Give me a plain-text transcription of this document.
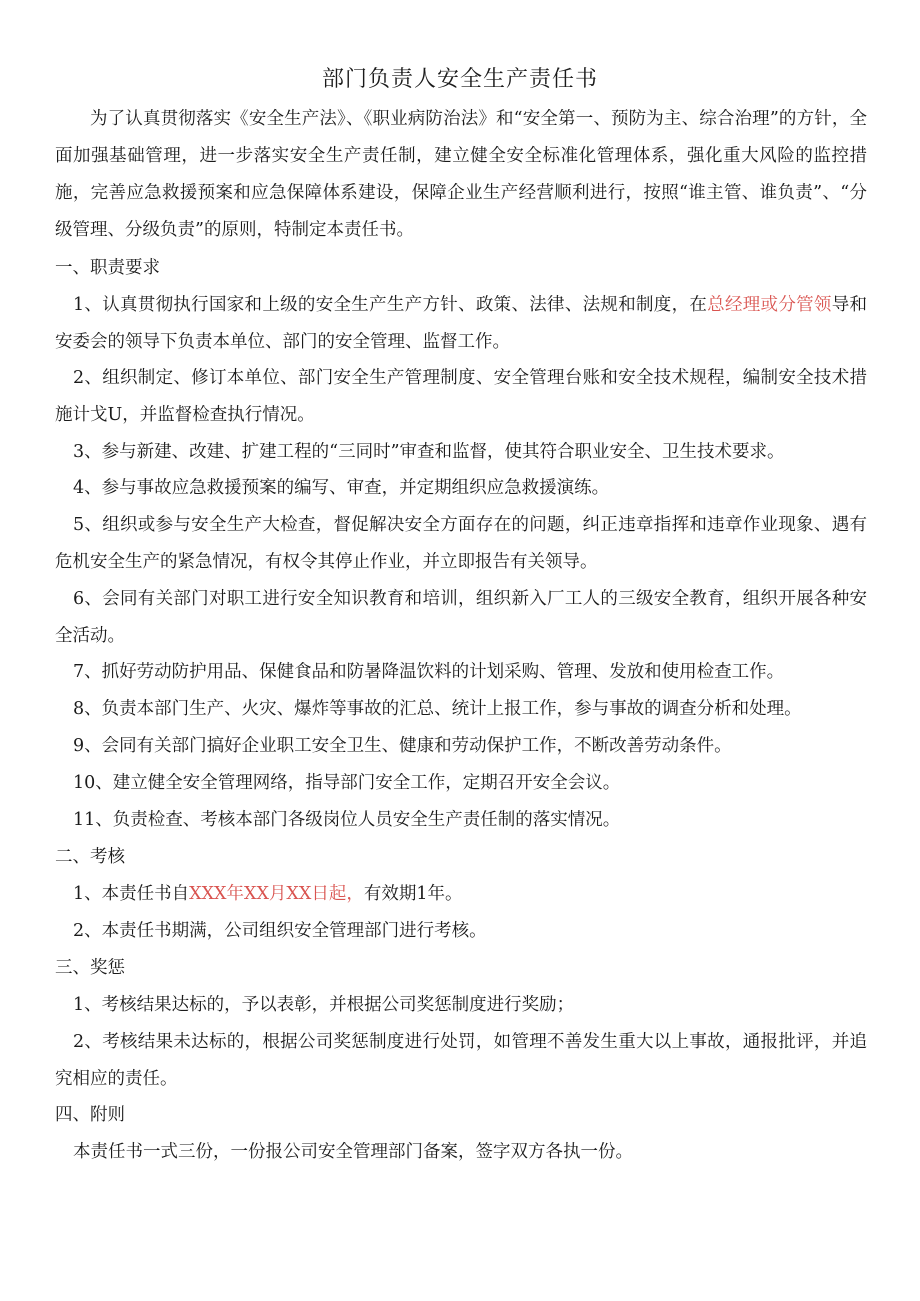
部门负责人安全生产责任书
为了认真贯彻落实《安全生产法》、《职业病防治法》和“安全第一、预防为主、综合治理”的方针，全面加强基础管理，进一步落实安全生产责任制，建立健全安全标准化管理体系，强化重大风险的监控措施，完善应急救援预案和应急保障体系建设，保障企业生产经营顺利进行，按照“谁主管、谁负责”、“分级管理、分级负责”的原则，特制定本责任书。
一、职责要求
1、认真贯彻执行国家和上级的安全生产生产方针、政策、法律、法规和制度，在总经理或分管领导和安委会的领导下负责本单位、部门的安全管理、监督工作。
2、组织制定、修订本单位、部门安全生产管理制度、安全管理台账和安全技术规程，编制安全技术措施计戈U，并监督检查执行情况。
3、参与新建、改建、扩建工程的“三同时”审查和监督，使其符合职业安全、卫生技术要求。
4、参与事故应急救援预案的编写、审查，并定期组织应急救援演练。
5、组织或参与安全生产大检查，督促解决安全方面存在的问题，纠正违章指挥和违章作业现象、遇有危机安全生产的紧急情况，有权令其停止作业，并立即报告有关领导。
6、会同有关部门对职工进行安全知识教育和培训，组织新入厂工人的三级安全教育，组织开展各种安全活动。
7、抓好劳动防护用品、保健食品和防暑降温饮料的计划采购、管理、发放和使用检查工作。
8、负责本部门生产、火灾、爆炸等事故的汇总、统计上报工作，参与事故的调查分析和处理。
9、会同有关部门搞好企业职工安全卫生、健康和劳动保护工作，不断改善劳动条件。
10、建立健全安全管理网络，指导部门安全工作，定期召开安全会议。
11、负责检查、考核本部门各级岗位人员安全生产责任制的落实情况。
二、考核
1、本责任书自XXX年XX月XX日起，有效期1年。
2、本责任书期满，公司组织安全管理部门进行考核。
三、奖惩
1、考核结果达标的，予以表彰，并根据公司奖惩制度进行奖励；
2、考核结果未达标的，根据公司奖惩制度进行处罚，如管理不善发生重大以上事故，通报批评，并追究相应的责任。
四、附则
本责任书一式三份，一份报公司安全管理部门备案，签字双方各执一份。
